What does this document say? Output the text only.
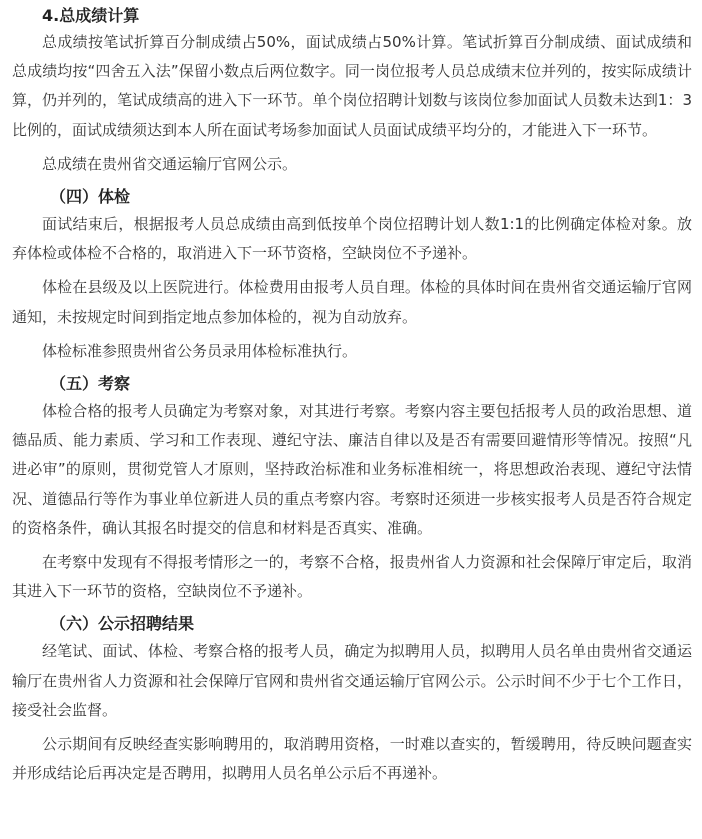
4.总成绩计算

总成绩按笔试折算百分制成绩占50%，面试成绩占50%计算。笔试折算百分制成绩、面试成绩和总成绩均按“四舍五入法”保留小数点后两位数字。同一岗位报考人员总成绩末位并列的，按实际成绩计算，仍并列的，笔试成绩高的进入下一环节。单个岗位招聘计划数与该岗位参加面试人员数未达到1：3比例的，面试成绩须达到本人所在面试考场参加面试人员面试成绩平均分的，才能进入下一环节。

总成绩在贵州省交通运输厅官网公示。

（四）体检

面试结束后，根据报考人员总成绩由高到低按单个岗位招聘计划人数1:1的比例确定体检对象。放弃体检或体检不合格的，取消进入下一环节资格，空缺岗位不予递补。

体检在县级及以上医院进行。体检费用由报考人员自理。体检的具体时间在贵州省交通运输厅官网通知，未按规定时间到指定地点参加体检的，视为自动放弃。

体检标准参照贵州省公务员录用体检标准执行。

（五）考察

体检合格的报考人员确定为考察对象，对其进行考察。考察内容主要包括报考人员的政治思想、道德品质、能力素质、学习和工作表现、遵纪守法、廉洁自律以及是否有需要回避情形等情况。按照“凡进必审”的原则，贯彻党管人才原则，坚持政治标准和业务标准相统一，将思想政治表现、遵纪守法情况、道德品行等作为事业单位新进人员的重点考察内容。考察时还须进一步核实报考人员是否符合规定的资格条件，确认其报名时提交的信息和材料是否真实、准确。

在考察中发现有不得报考情形之一的，考察不合格，报贵州省人力资源和社会保障厅审定后，取消其进入下一环节的资格，空缺岗位不予递补。

（六）公示招聘结果

经笔试、面试、体检、考察合格的报考人员，确定为拟聘用人员，拟聘用人员名单由贵州省交通运输厅在贵州省人力资源和社会保障厅官网和贵州省交通运输厅官网公示。公示时间不少于七个工作日，接受社会监督。

公示期间有反映经查实影响聘用的，取消聘用资格，一时难以查实的，暂缓聘用，待反映问题查实并形成结论后再决定是否聘用，拟聘用人员名单公示后不再递补。
